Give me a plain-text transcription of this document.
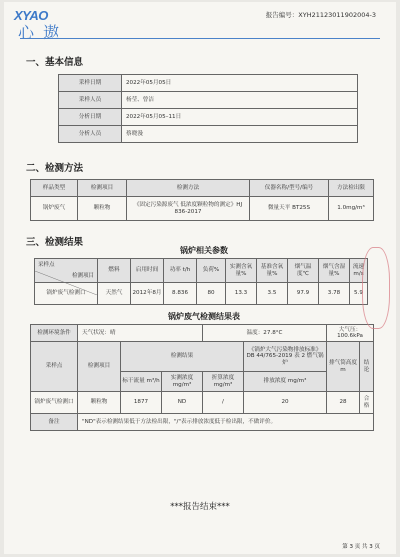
XYAO
心 遨
报告编号：XYH21123011902004-3
一、基本信息
采样日期	2022年05月05日
采样人员	杨莹、曾洁
分析日期	2022年05月05–11日
分析人员	蔡晓漫
二、检测方法
样品类型	检测项目	检测方法	仪器名称/型号/编号	方法检出限
锅炉废气	颗粒物	《固定污染源废气 低浓度颗粒物的测定》HJ 836-2017	微量天平 BT25S	1.0mg/m³
三、检测结果
锅炉相关参数
检测项目
采样点	燃料	启用时间	功率 t/h	负荷%	实测含氧量%	基准含氧量%	烟气温度℃	烟气含湿量%	流速 m/s
锅炉废气检测口	天然气	2012年8月	8.836	80	13.3	3.5	97.9	3.78	5.9
锅炉废气检测结果表
检测环境条件	天气状况：晴			温度：27.8°C		大气压：100.6kPa	
采样点	检测项目	检测结果			《锅炉大气污染物排放标准》DB 44/765-2019 表 2 燃气锅炉	排气筒高度 m	结论
		标干流量 m³/h	实测浓度 mg/m³	折算浓度 mg/m³	排放浓度 mg/m³		
锅炉废气检测口	颗粒物	1877	ND	/	20	28	合格
备注	"ND"表示检测结果低于方法检出限，"/"表示排放浓度低于检出限，不做评价。						
***报告结束***
第 3 页 共 3 页
